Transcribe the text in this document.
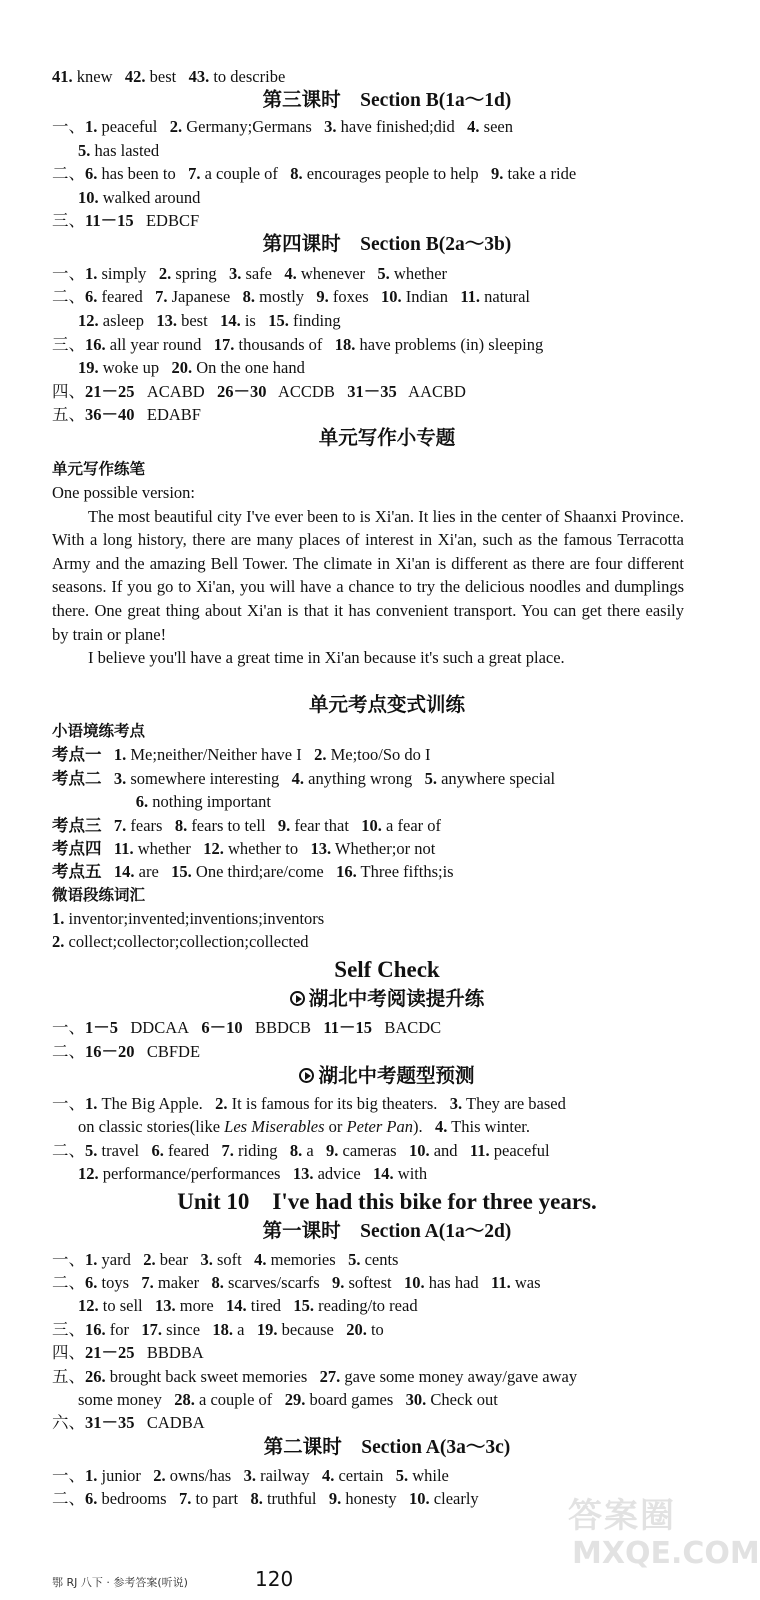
41. knew   42. best   43. to describe
第三课时    Section B(1a～1d)
一、1. peaceful   2. Germany;Germans   3. have finished;did   4. seen
5. has lasted
二、6. has been to   7. a couple of   8. encourages people to help   9. take a ride
10. walked around
三、11－15   EDBCF
第四课时    Section B(2a～3b)
一、1. simply   2. spring   3. safe   4. whenever   5. whether
二、6. feared   7. Japanese   8. mostly   9. foxes   10. Indian   11. natural
12. asleep   13. best   14. is   15. finding
三、16. all year round   17. thousands of   18. have problems (in) sleeping
19. woke up   20. On the one hand
四、21－25   ACABD   26－30   ACCDB   31－35   AACBD
五、36－40   EDABF
单元写作小专题
单元写作练笔

One possible version:

The most beautiful city I've ever been to is Xi'an. It lies in the center of Shaanxi Province. With a long history, there are many places of interest in Xi'an, such as the famous Terracotta Army and the amazing Bell Tower. The climate in Xi'an is different as there are four different seasons. If you go to Xi'an, you will have a chance to try the delicious noodles and dumplings there. One great thing about Xi'an is that it has convenient transport. You can get there easily by train or plane!

I believe you'll have a great time in Xi'an because it's such a great place.

单元考点变式训练
小语境练考点
考点一 1. Me;neither/Neither have I   2. Me;too/So do I
考点二 3. somewhere interesting   4. anything wrong   5. anywhere special
6. nothing important
考点三 7. fears   8. fears to tell   9. fear that   10. a fear of
考点四 11. whether   12. whether to   13. Whether;or not
考点五 14. are   15. One third;are/come   16. Three fifths;is
微语段练词汇
1. inventor;invented;inventions;inventors
2. collect;collector;collection;collected
Self Check
湖北中考阅读提升练
一、1－5   DDCAA   6－10   BBDCB   11－15   BACDC
二、16－20   CBFDE
湖北中考题型预测
一、1. The Big Apple.   2. It is famous for its big theaters.   3. They are based
on classic stories(like Les Miserables or Peter Pan).   4. This winter.
二、5. travel   6. feared   7. riding   8. a   9. cameras   10. and   11. peaceful
12. performance/performances   13. advice   14. with
Unit 10    I've had this bike for three years.
第一课时    Section A(1a～2d)
一、1. yard   2. bear   3. soft   4. memories   5. cents
二、6. toys   7. maker   8. scarves/scarfs   9. softest   10. has had   11. was
12. to sell   13. more   14. tired   15. reading/to read
三、16. for   17. since   18. a   19. because   20. to
四、21－25   BBDBA
五、26. brought back sweet memories   27. gave some money away/gave away
some money   28. a couple of   29. board games   30. Check out
六、31－35   CADBA
第二课时    Section A(3a～3c)
一、1. junior   2. owns/has   3. railway   4. certain   5. while
二、6. bedrooms   7. to part   8. truthful   9. honesty   10. clearly
鄂 RJ 八下 · 参考答案(听说)	120
答案圈
MXQE.COM
